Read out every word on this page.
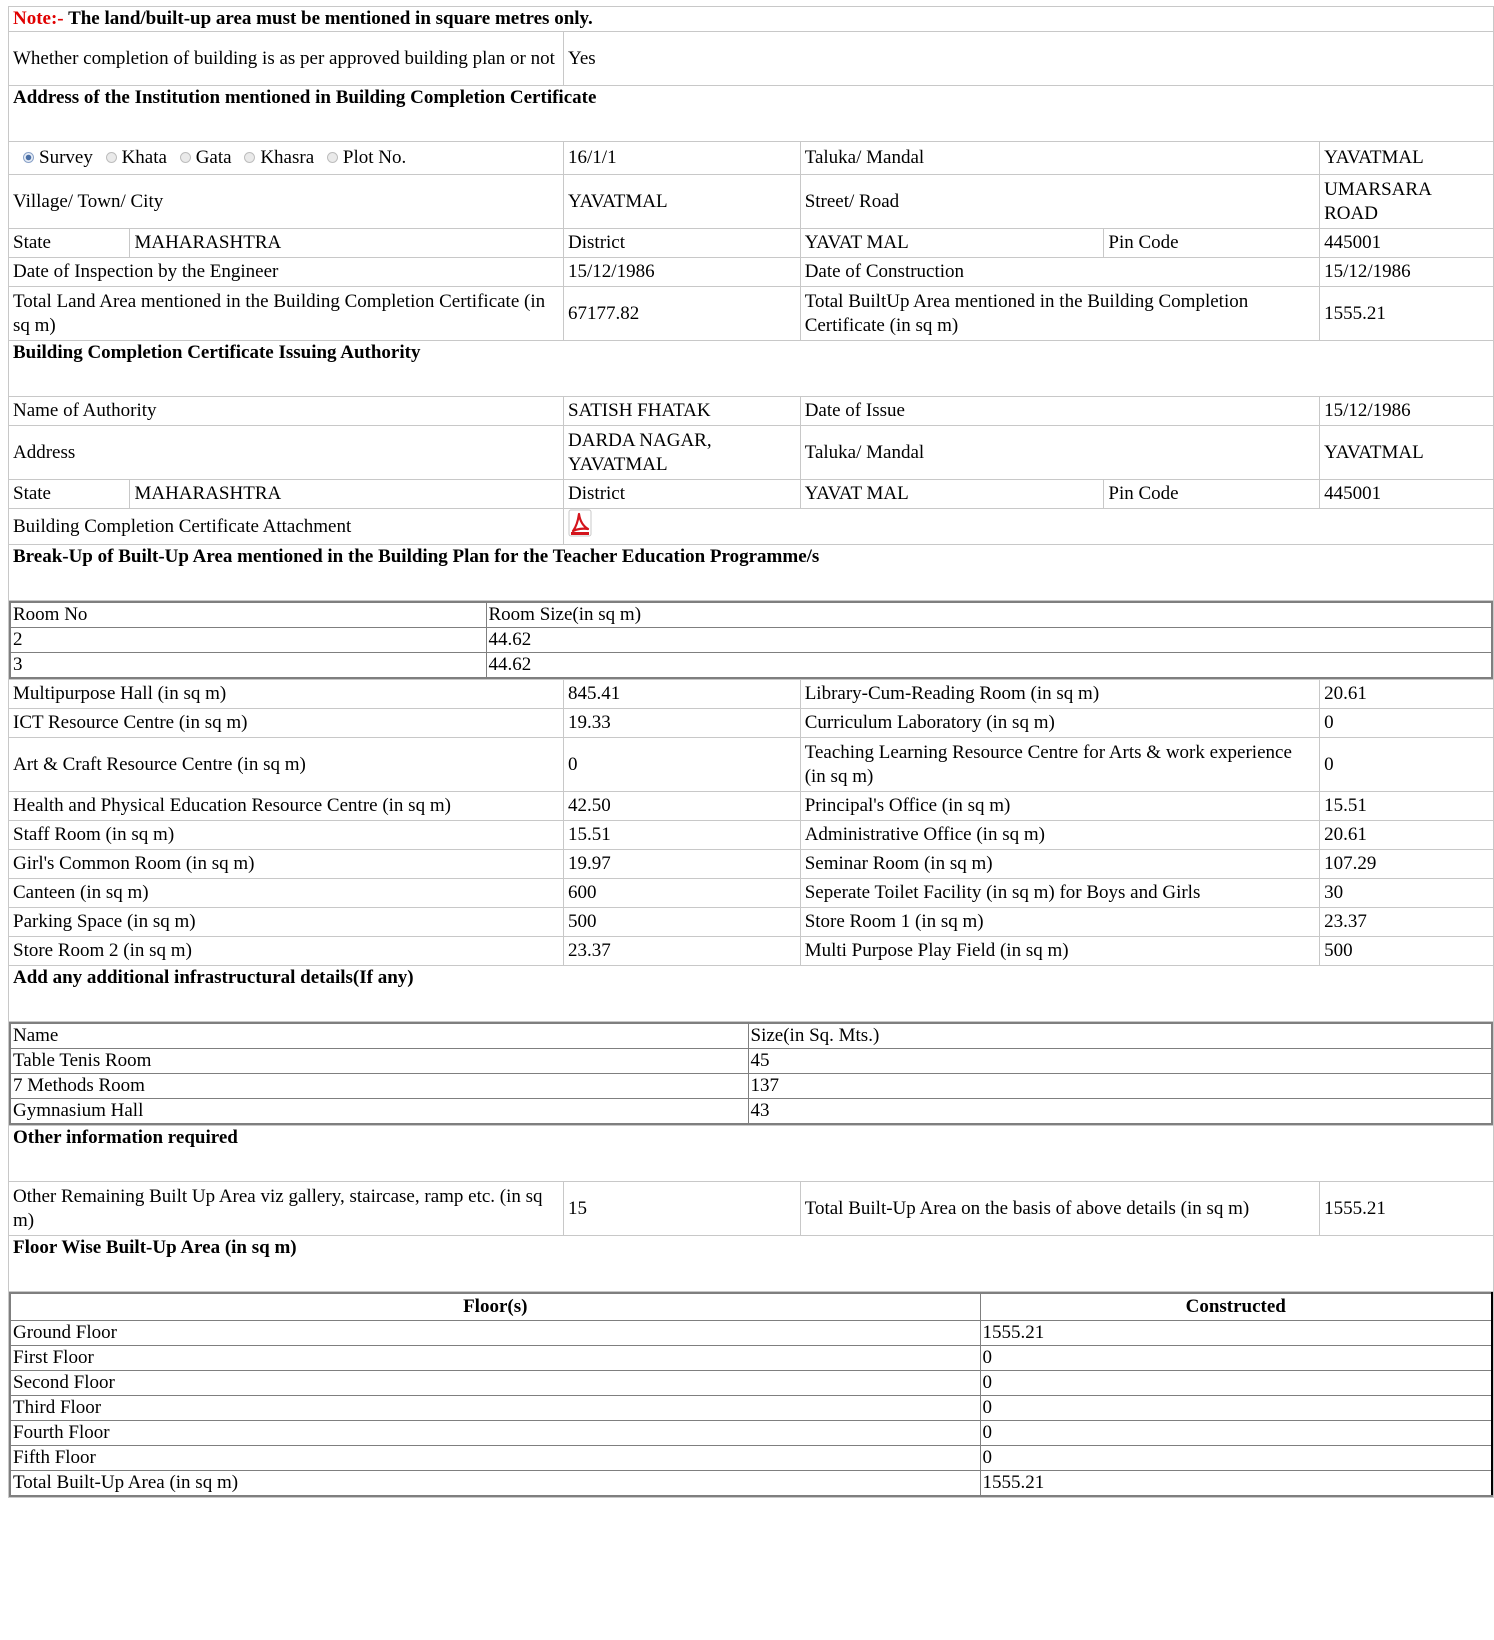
Note:- The land/built-up area must be mentioned in square metres only.
Whether completion of building is as per approved building plan or not	Yes
Address of the Institution mentioned in Building Completion Certificate
Survey Khata Gata Khasra Plot No.	16/1/1	Taluka/ Mandal	YAVATMAL
Village/ Town/ City	YAVATMAL	Street/ Road	UMARSARA ROAD
State	MAHARASHTRA	District	YAVAT MAL	Pin Code	445001
Date of Inspection by the Engineer	15/12/1986	Date of Construction	15/12/1986
Total Land Area mentioned in the Building Completion Certificate (in sq m)	67177.82	Total BuiltUp Area mentioned in the Building Completion Certificate (in sq m)	1555.21
Building Completion Certificate Issuing Authority
Name of Authority	SATISH FHATAK	Date of Issue	15/12/1986
Address	DARDA NAGAR, YAVATMAL	Taluka/ Mandal	YAVATMAL
State	MAHARASHTRA	District	YAVAT MAL	Pin Code	445001
Building Completion Certificate Attachment	
Break-Up of Built-Up Area mentioned in the Building Plan for the Teacher Education Programme/s

Room No	Room Size(in sq m)
2	44.62
3	44.62

Multipurpose Hall (in sq m)	845.41	Library-Cum-Reading Room (in sq m)	20.61
ICT Resource Centre (in sq m)	19.33	Curriculum Laboratory (in sq m)	0
Art & Craft Resource Centre (in sq m)	0	Teaching Learning Resource Centre for Arts & work experience (in sq m)	0
Health and Physical Education Resource Centre (in sq m)	42.50	Principal's Office (in sq m)	15.51
Staff Room (in sq m)	15.51	Administrative Office (in sq m)	20.61
Girl's Common Room (in sq m)	19.97	Seminar Room (in sq m)	107.29
Canteen (in sq m)	600	Seperate Toilet Facility (in sq m) for Boys and Girls	30
Parking Space (in sq m)	500	Store Room 1 (in sq m)	23.37
Store Room 2 (in sq m)	23.37	Multi Purpose Play Field (in sq m)	500
Add any additional infrastructural details(If any)

Name	Size(in Sq. Mts.)
Table Tenis Room	45
7 Methods Room	137
Gymnasium Hall	43

Other information required
Other Remaining Built Up Area viz gallery, staircase, ramp etc. (in sq m)	15	Total Built-Up Area on the basis of above details (in sq m)	1555.21
Floor Wise Built-Up Area (in sq m)

Floor(s)	Constructed
Ground Floor	1555.21
First Floor	0
Second Floor	0
Third Floor	0
Fourth Floor	0
Fifth Floor	0
Total Built-Up Area (in sq m)	1555.21
